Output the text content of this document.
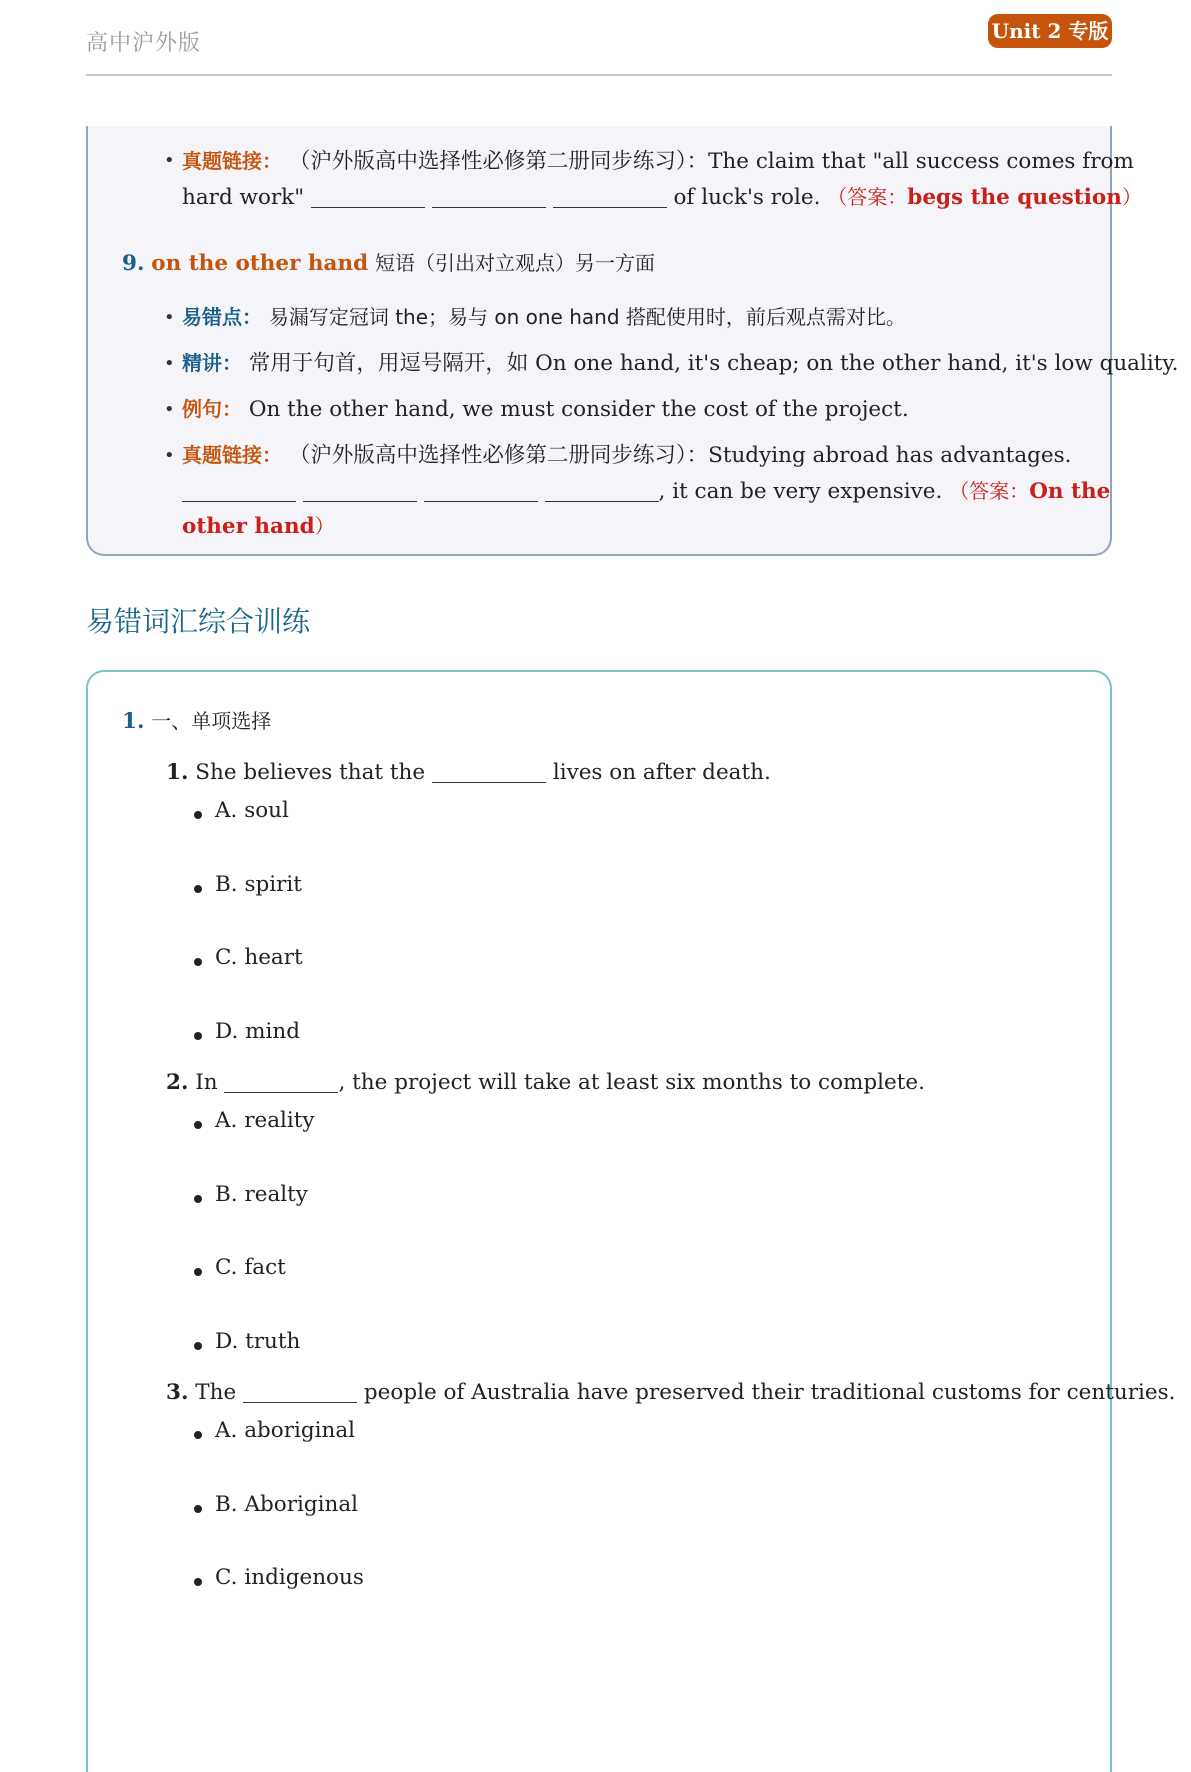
高中沪外版	Unit 2 专版
• 真题链接： （沪外版高中选择性必修第二册同步练习）：The claim that "all success comes from
hard work"	of luck's role. （答案：begs the question）
9. on the other hand 短语（引出对立观点）另一方面
• 易错点： 易漏写定冠词 the；易与 on one hand 搭配使用时，前后观点需对比。
• 精讲： 常用于句首，用逗号隔开，如 On one hand, it's cheap; on the other hand, it's low quality.
• 例句： On the other hand, we must consider the cost of the project.
• 真题链接： （沪外版高中选择性必修第二册同步练习）：Studying abroad has advantages.
, it can be very expensive. （答案：On the
other hand）
易错词汇综合训练
1. 一、单项选择
1. She believes that the	lives on after death.
A. soul
B. spirit
C. heart
D. mind
2. In	, the project will take at least six months to complete.
A. reality
B. realty
C. fact
D. truth
3. The	people of Australia have preserved their traditional customs for centuries.
A. aboriginal
B. Aboriginal
C. indigenous
